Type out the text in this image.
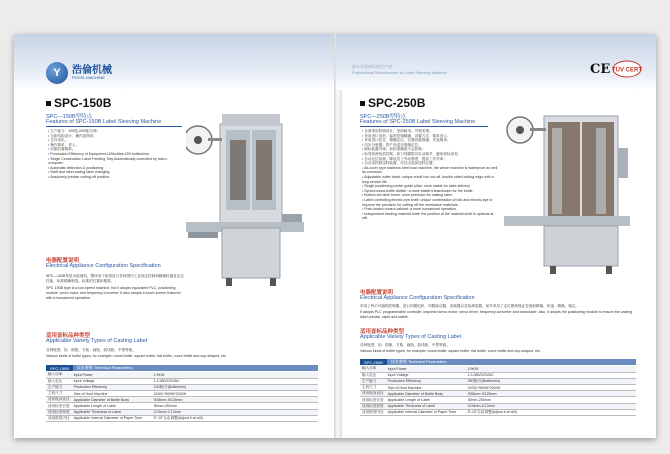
Y	浩倫机械
POYEL MACHINE
SPC-150B
SPC—150B型特点
Features of SPC-150B Label Sleeving Machine
• 生产能力：100瓶-200瓶/分钟；
• 全新结构设计，操作更简单；
• 全自动化；
• 操作简单，省人；
• 切割位置精准。
• Production Efficiency of Equipment:100bottles-200 bottles/min.
• Single Construction Label Feeding Tray Automatically controlled by micro-computer.
• Automatic detection & positioning.
• Swift and label-saving label changing.
• Absolutely precise cutting-off position.
电器配置说明
Electrical Appliance Configuration Specification
SPC—150B型是为低速机，整体用于欧美进口各种国内工业设定控制和精确检测及定位性能，标准精确制造，标准的位置和精准。
SPC-150B type is a low-speed machine, but it adopts equivalent PLC, positioning module, servo motor and frequency converter. It also adopts a touch screen featured with a humanized operation.
适用套标品种类型
Applicable Variety Types of Casting Label
各种瓶型，如：圆瓶、方瓶、扁瓶、曲线瓶、中型等瓶。
Various kinds of bottle types, for example: round bottle, square bottle, flat bottle, curve bottle and cup-shaped, etc.
SPC-150B	技术参数 Technical Parameters
输入功率	Input Power	1.9KW
输入电压	Input Voltage	1.3.380/220VAC
生产能力	Production Efficiency	100瓶/分(Bottle/min)
主机尺寸	Size of Host Machine	2100L*900W*2000H
适用瓶身直径	Applicable Diameter of Bottle Body	Φ28mm-Φ125mm
适用标签长度	Applicable Length of Lable	30mm-250mm
适用标签厚度	Applicable Thickness of Label	0.03mm-0.13mm
适用纸管内径	Applicable Internal Diameter of Paper Tube	5"-10"自由调整(Adjust it at will)
最专业的套标机生产商
Professional Manufacturer of Label Sleeving Machine	CE TÜV CERT
SPC-250B
SPC—250B型特点
Features of SPC-250B Label Sleeving Machine
• 全面采用防锈设计，坚固耐用，外观美观；
• 采用进口电机，偏差控制精确，设置方式，简单省人；
• 采用进口技术，精确定位，位置切割准确，安装简单；
• 同步分瓶器；将产品送至准确定位；
• 刷标装置可调，套标准确度不会影响；
• 标签检测电机控制，如刀具磨损可自动调节，避免套标误差；
• 自动定位检测，降低员工劳动强度，提高工作效率；
• 全自动控制送料装置，可自由选择送料位置；
• All-cover type stainless steel host machine, the whole machine is waterproof as well as corrosion.
• Adjustable cutter head: unique cutoff non cut-off, double sided cutting edge with a long service life.
• Single positioning center guide pillar: more stable for label delivery.
• Synchronous bottle divider: a more stable transmission for the bottle.
• Bottom set label brush: more precision for casting label.
• Label controlling electric-eye shelf: unique combination of ball and electric-eye to improve the precision for cutting off the membrane materials.
• Push-button control cabinet: a more humanized operation.
• Independent feeding material shelf: the position of the material shelf is optional at will.
电器配置说明
Electrical Appliance Configuration Specification
采用了PLC可编程控制器、进口伺服电机、伺服驱动器、变频器以及检测电器，而外采用了定位模块保证变速和精确，快速，精确，稳定。
It adopts PLC programmable controller, imported servo motor, servo driver, frequency converter and transducer; also, it adopts the positioning module to ensure the casting label precise, rapid and stable.
适用套标品种类型
Applicable Variety Types of Casting Label
各种瓶型，如：圆瓶、方瓶、扁瓶、曲线瓶、中型等瓶。
Various kinds of bottle types, for example: round bottle, square bottle, flat bottle, curve bottle and cup-shaped, etc.
SPC-250B	技术参数 Technical Parameters
输入功率	Input Power	2.9KW
输入电压	Input Voltage	1.3.380/220VAC
生产能力	Production Efficiency	250瓶/分(Bottle/min)
主机尺寸	Size of Host Machine	2100L*900W*2000H
适用瓶身直径	Applicable Diameter of Bottle Body	Φ28mm-Φ125mm
适用标签长度	Applicable Length of Lable	30mm-250mm
适用标签厚度	Applicable Thickness of Label	0.03mm-0.13mm
适用纸管内径	Applicable Internal Diameter of Paper Tube	5"-10"自由调整(Adjust it at will)
